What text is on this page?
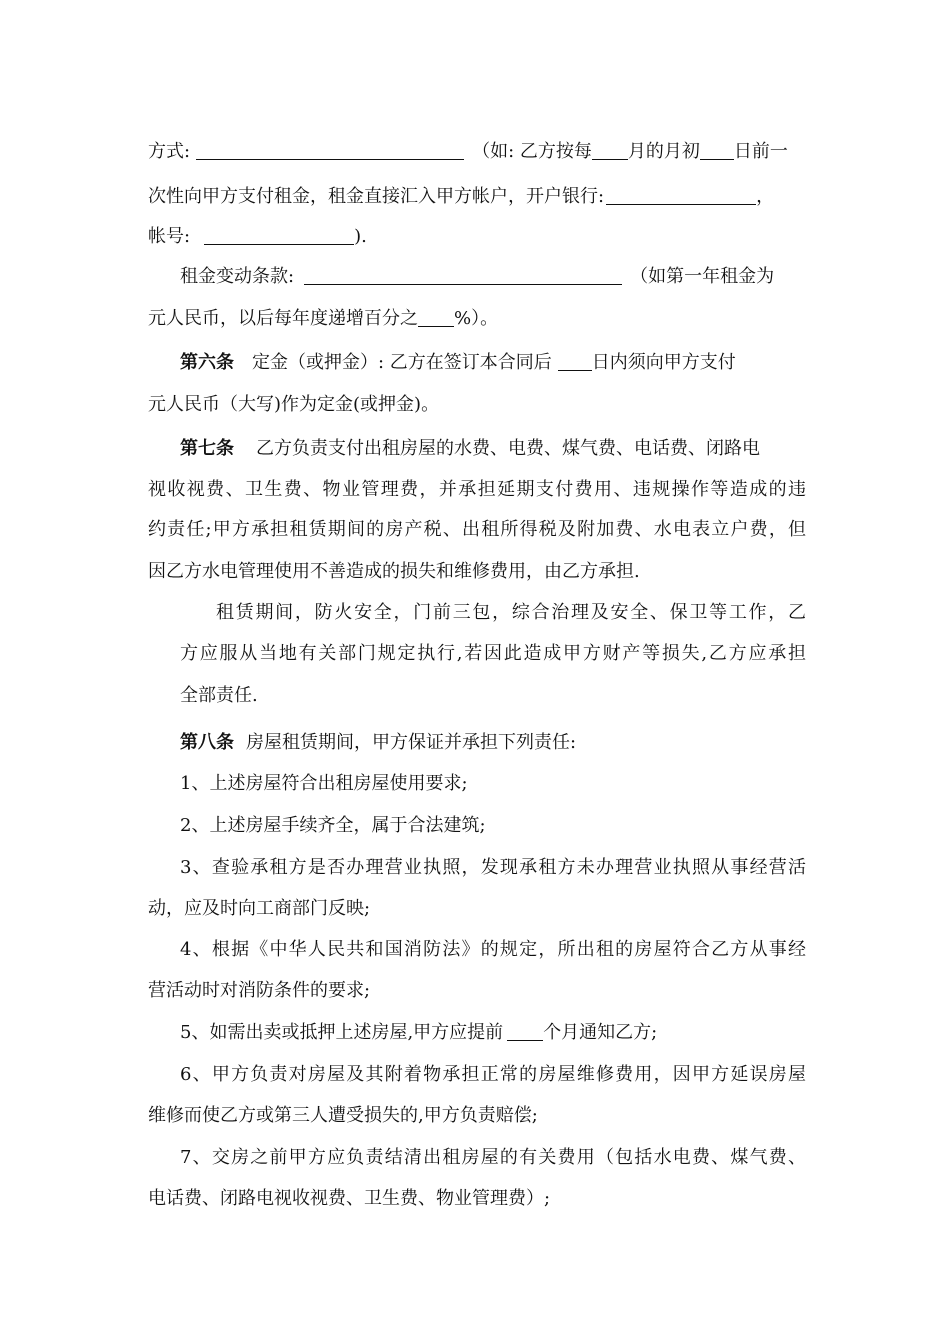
方式:	（如: 乙方按每 月的月初 日前一
次性向甲方支付租金，租金直接汇入甲方帐户，开户银行:	，
帐号:	).
租金变动条款:	（如第一年租金为
元人民币，以后每年度递增百分之 %）。
第六条 定金（或押金）: 乙方在签订本合同后 日内须向甲方支付
元人民币（大写)作为定金(或押金)。
第七条 乙方负责支付出租房屋的水费、电费、煤气费、电话费、闭路电
视收视费、卫生费、物业管理费，并承担延期支付费用、违规操作等造成的违
约责任;甲方承担租赁期间的房产税、出租所得税及附加费、水电表立户费，但
因乙方水电管理使用不善造成的损失和维修费用，由乙方承担.
租赁期间，防火安全，门前三包，综合治理及安全、保卫等工作，乙
方应服从当地有关部门规定执行,若因此造成甲方财产等损失,乙方应承担
全部责任.
第八条 房屋租赁期间，甲方保证并承担下列责任:
1、上述房屋符合出租房屋使用要求;
2、上述房屋手续齐全，属于合法建筑;
3、查验承租方是否办理营业执照，发现承租方未办理营业执照从事经营活
动，应及时向工商部门反映;
4、根据《中华人民共和国消防法》的规定，所出租的房屋符合乙方从事经
营活动时对消防条件的要求;
5、如需出卖或抵押上述房屋,甲方应提前 个月通知乙方;
6、甲方负责对房屋及其附着物承担正常的房屋维修费用，因甲方延误房屋
维修而使乙方或第三人遭受损失的,甲方负责赔偿;
7、交房之前甲方应负责结清出租房屋的有关费用（包括水电费、煤气费、
电话费、闭路电视收视费、卫生费、物业管理费）;
